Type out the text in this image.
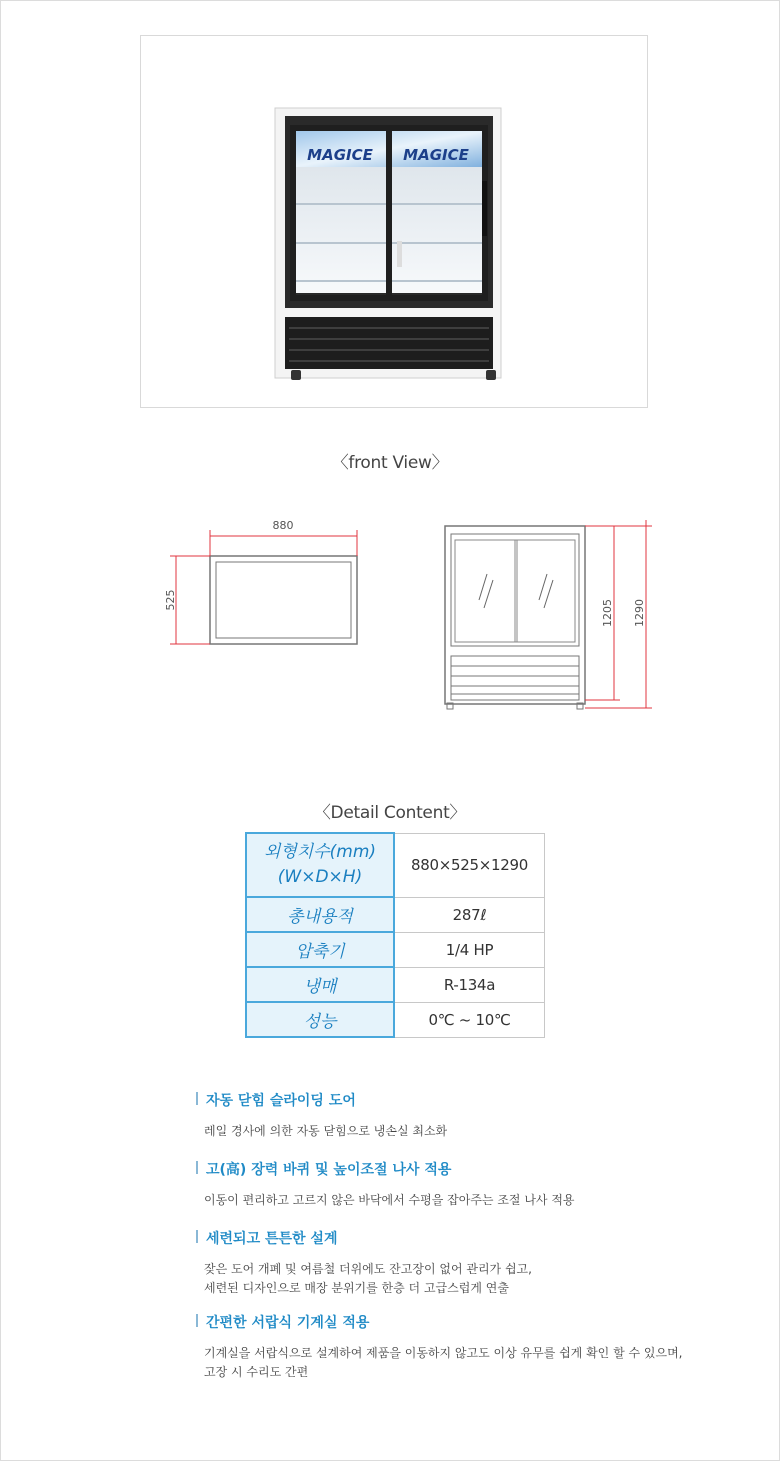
MAGICE MAGICE
〈front View〉
880
525	1205 1290
〈Detail Content〉
외형치수(mm)
(W×D×H)	880×525×1290
총내용적	287ℓ
압축기	1/4 HP
냉매	R-134a
성능	0℃ ~ 10℃
자동 닫힘 슬라이딩 도어
레일 경사에 의한 자동 닫힘으로 냉손실 최소화
고(高) 장력 바퀴 및 높이조절 나사 적용
이동이 편리하고 고르지 않은 바닥에서 수평을 잡아주는 조절 나사 적용
세련되고 튼튼한 설계
잦은 도어 개폐 및 여름철 더위에도 잔고장이 없어 관리가 쉽고,
세련된 디자인으로 매장 분위기를 한층 더 고급스럽게 연출
간편한 서랍식 기계실 적용
기계실을 서랍식으로 설계하여 제품을 이동하지 않고도 이상 유무를 쉽게 확인 할 수 있으며,
고장 시 수리도 간편
